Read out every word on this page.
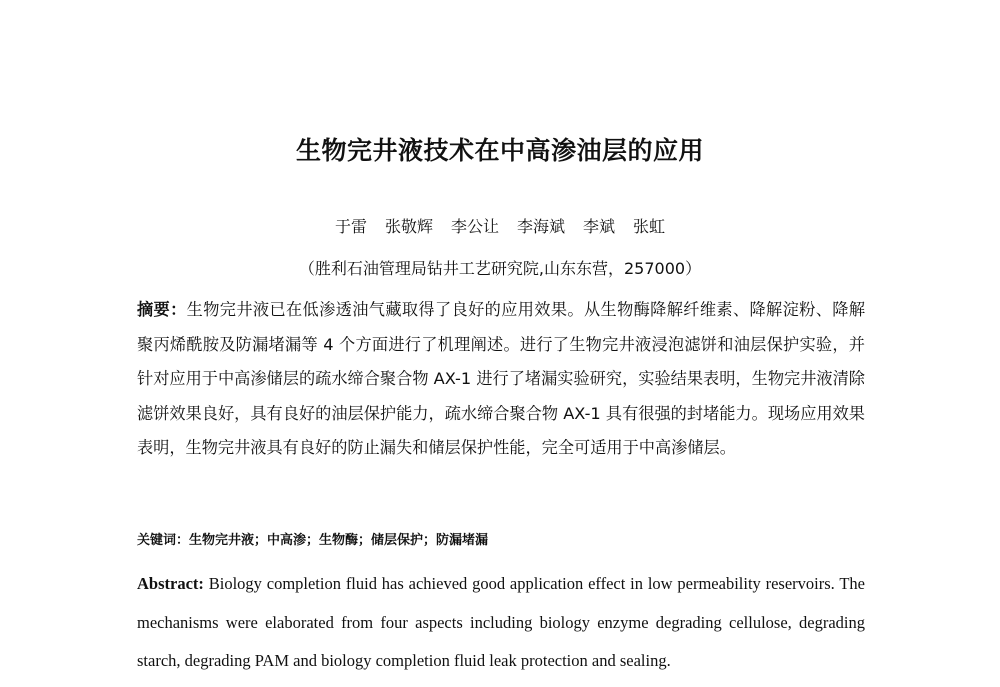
生物完井液技术在中高渗油层的应用
于雷 张敬辉 李公让 李海斌 李斌 张虹
（胜利石油管理局钻井工艺研究院,山东东营，257000）
摘要：生物完井液已在低渗透油气藏取得了良好的应用效果。从生物酶降解纤维素、降解淀粉、降解聚丙烯酰胺及防漏堵漏等 4 个方面进行了机理阐述。进行了生物完井液浸泡滤饼和油层保护实验，并针对应用于中高渗储层的疏水缔合聚合物 AX-1 进行了堵漏实验研究，实验结果表明，生物完井液清除滤饼效果良好，具有良好的油层保护能力，疏水缔合聚合物 AX-1 具有很强的封堵能力。现场应用效果表明，生物完井液具有良好的防止漏失和储层保护性能，完全可适用于中高渗储层。
关键词：生物完井液；中高渗；生物酶；储层保护；防漏堵漏
Abstract: Biology completion fluid has achieved good application effect in low permeability reservoirs. The mechanisms were elaborated from four aspects including biology enzyme degrading cellulose, degrading starch, degrading PAM and biology completion fluid leak protection and sealing.
